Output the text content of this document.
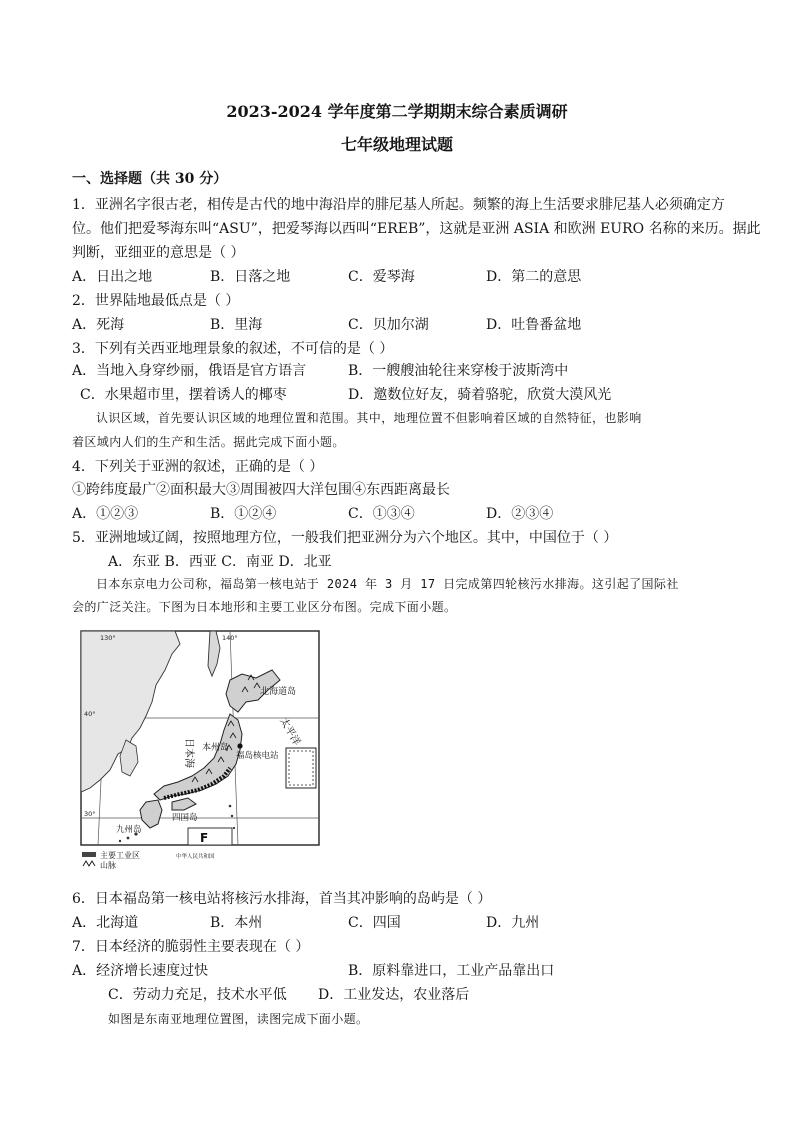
2023-2024 学年度第二学期期末综合素质调研
七年级地理试题
一、选择题（共 30 分）
1．亚洲名字很古老，相传是古代的地中海沿岸的腓尼基人所起。频繁的海上生活要求腓尼基人必须确定方
位。他们把爱琴海东叫“ASU”，把爱琴海以西叫“EREB”，这就是亚洲 ASIA 和欧洲 EURO 名称的来历。据此
判断，亚细亚的意思是（ ）
A．日出之地	B．日落之地	C．爱琴海	D．第二的意思
2．世界陆地最低点是（ ）
A．死海	B．里海	C．贝加尔湖	D．吐鲁番盆地
3．下列有关西亚地理景象的叙述，不可信的是（ ）
A．当地入身穿纱丽，俄语是官方语言	B．一艘艘油轮往来穿梭于波斯湾中
C．水果超市里，摆着诱人的椰枣	D．邀数位好友，骑着骆驼，欣赏大漠风光
认识区域，首先要认识区域的地理位置和范围。其中，地理位置不但影响着区域的自然特征，也影响
着区域内人们的生产和生活。据此完成下面小题。
4．下列关于亚洲的叙述，正确的是（ ）
①跨纬度最广②面积最大③周围被四大洋包围④东西距离最长
A．①②③	B．①②④	C．①③④	D．②③④
5．亚洲地域辽阔，按照地理方位，一般我们把亚洲分为六个地区。其中，中国位于（ ）
A．东亚 B．西亚 C．南亚 D．北亚
日本东京电力公司称，福岛第一核电站于 2024 年 3 月 17 日完成第四轮核污水排海。这引起了国际社
会的广泛关注。下图为日本地形和主要工业区分布图。完成下面小题。
F
130°	140°
40°
30°
北海道岛
日本海
太平洋
本州岛
福岛核电站
四国岛
九州岛
主要工业区
山脉
中华人民共和国
6．日本福岛第一核电站将核污水排海，首当其冲影响的岛屿是（ ）
A．北海道	B．本州	C．四国	D．九州
7．日本经济的脆弱性主要表现在（ ）
A．经济增长速度过快	B．原料靠进口，工业产品靠出口
C．劳动力充足，技术水平低 D．工业发达，农业落后
如图是东南亚地理位置图，读图完成下面小题。
